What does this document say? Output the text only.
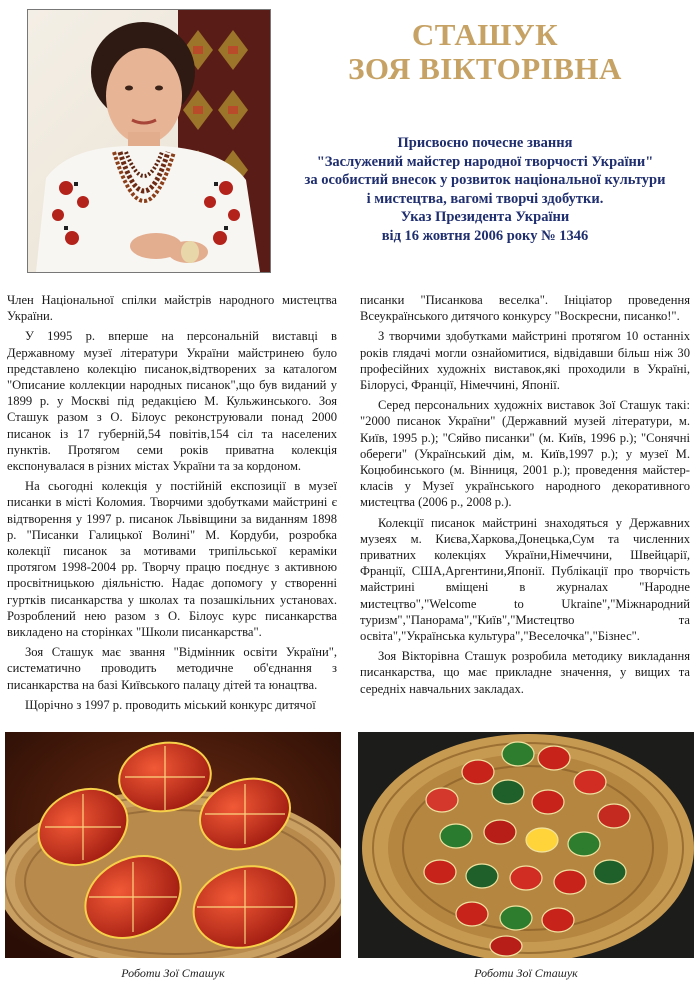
СТАШУК
ЗОЯ ВІКТОРІВНА
Присвоєно почесне звання
"Заслужений майстер народної творчості України"
за особистий внесок у розвиток національної культури
і мистецтва, вагомі творчі здобутки.
Указ Президента України
від 16 жовтня 2006 року № 1346

Член Національної спілки майстрів народного мистецтва України.

У 1995 р. вперше на персональній виставці в Державному музеї літератури України майстринею було представлено колекцію писанок,відтворених за каталогом "Описание коллекции народных писанок",що був виданий у 1899 р. у Москві під редакцією М. Кульжинського. Зоя Сташук разом з О. Білоус реконструювали понад 2000 писанок із 17 губерній,54 повітів,154 сіл та населених пунктів. Протягом семи років приватна колекція експонувалася в різних містах України та за кордоном.

На сьогодні колекція у постійній експозиції в музеї писанки в місті Коломия. Творчими здобутками майстрині є відтворення у 1997 р. писанок Львівщини за виданням 1898 р. "Писанки Галицької Волині" М. Кордуби, розробка колекції писанок за мотивами трипільської кераміки протягом 1998-2004 рр. Творчу працю поєднує з активною просвітницькою діяльністю. Надає допомогу у створенні гуртків писанкарства у школах та позашкільних установах. Розроблений нею разом з О. Білоус курс писанкарства викладено на сторінках "Школи писанкарства".

Зоя Сташук має звання "Відмінник освіти України", систематично проводить методичне об'єднання з писанкарства на базі Київського палацу дітей та юнацтва.

Щорічно з 1997 р. проводить міський конкурс дитячої

писанки "Писанкова веселка". Ініціатор проведення Всеукраїнського дитячого конкурсу "Воскресни, писанко!".

З творчими здобутками майстрині протягом 10 останніх років глядачі могли ознайомитися, відвідавши більш ніж 30 професійних художніх виставок,які проходили в Україні, Білорусі, Франції, Німеччині, Японії.

Серед персональних художніх виставок Зої Сташук такі: "2000 писанок України" (Державний музей літератури, м. Київ, 1995 р.); "Сяйво писанки" (м. Київ, 1996 р.); "Сонячні обереги" (Український дім, м. Київ,1997 р.); у музеї М. Коцюбинського (м. Вінниця, 2001 р.); проведення майстер-класів у Музеї українського народного декоративного мистецтва (2006 р., 2008 р.).

Колекції писанок майстрині знаходяться у Державних музеях м. Києва,Харкова,Донецька,Сум та численних приватних колекціях України,Німеччини, Швейцарії, Франції, США,Аргентини,Японії. Публікації про творчість майстрині вміщені в журналах "Народне мистецтво","Welcome to Ukraine","Міжнародний туризм","Панорама","Київ","Мистецтво та освіта","Українська культура","Веселочка","Бізнес".

Зоя Вікторівна Сташук розробила методику викладання писанкарства, що має прикладне значення, у вищих та середніх навчальних закладах.

Роботи Зої Сташук	Роботи Зої Сташук
